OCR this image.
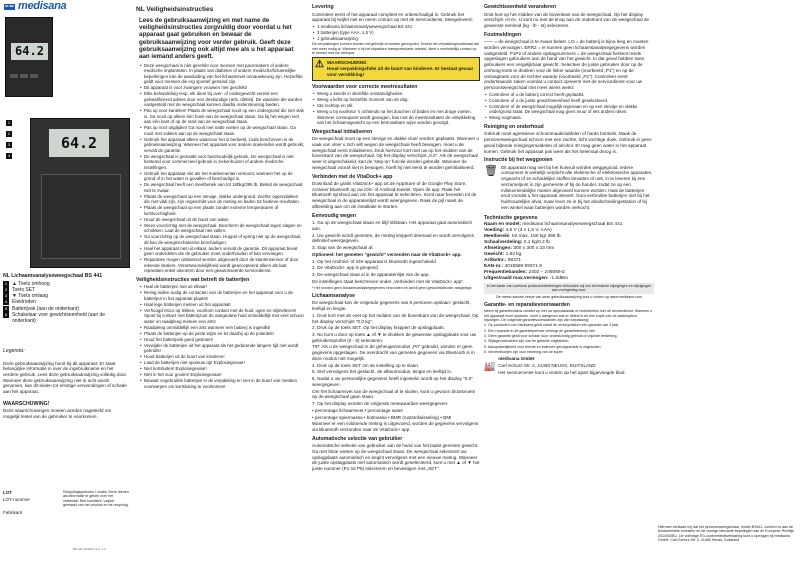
NL/BE medisana
64.2
1
2
3
4
64.2
NL Lichaamsanalyseweegschaal BS 441
1 ▲ Toets omhoog
2 Toets SET
3 ▼ Toets omlaag
4 Elektroden
5 Batterijvak (aan de onderkant)
6 Schakelaar voor gewichtseenheid (aan de onderkant)
Legenda:
Deze gebruiksaanwijzing hoort bij dit apparaat. Er staat belangrijke informatie in over de ingebruikname en het verdere gebruik. Lees deze gebruiksaanwijzing volledig door. Wanneer deze gebruiksaanwijzing niet in acht wordt genomen, kan dit leiden tot ernstige verwondingen of schade aan het apparaat.
WAARSCHUWING!
Deze waarschuwingen moeten worden nageleefd om mogelijk letsel van de gebruiker te voorkomen.
LOT
LOT-nummer
Fabrikant
Recyclingsymbolen / codes: Deze dienen als informatie te geven over het materiaal. Niet kunststof / papier gemaakt van het product en de recycling.
BS 441 08/2021 Ver. 1.0
NL Veiligheidsinstructies
Lees de gebruiksaanwijzing en met name de veiligheidsinstructies zorgvuldig door voordat u het apparaat gaat gebruiken en bewaar de gebruiksaanwijzing voor verder gebruik. Geeft deze gebruiksaanwijzing ook altijd mee als u het apparaat aan iemand anders geeft.
• Deze weegschaal is niet geschikt voor mensen met pacemakers of andere medische implantaten. In plaats van diabetes of andere medische/lichamelijke beperkingen kan de aanduiding van het lichaamsvet onnauwkeurig zijn. Hetzelfde geldt voor mensen die erg sportief getraind zijn.
• Dit apparaat is voor zwangere vrouwen niet geschikt!
• Elke behandeling resp. elk dieet bij over- of ondergewicht vereist een gekwalificeerd advies door een deskundige (arts, diëtist). De waarden die worden vastgesteld met de weegschaal kunnen daarbij ondersteuning bieden.
• Pas op voor kantelen! Plaats de weegschaal nooit op een ondergrond die niet vlak is. Ga nooit op alleen één hoek van de weegschaal staan. Ga bij het wegen niet aan één kant of op de rand van de weegschaal staan.
• Pas op voor uitglijden! Ga nooit met natte voeten op de weegschaal staan. Ga nooit met sokken aan op de weegschaal staan.
• Gebruik het apparaat alleen waarvoor het is bedoeld, zoals beschreven in de gebruiksaanwijzing. Wanneer het apparaat voor andere doeleinden wordt gebruikt, vervalt de garantie.
• De weegschaal is gemaakt voor huishoudelijk gebruik. De weegschaal is niet bestemd voor commercieel gebruik in ziekenhuizen of andere medische instellingen.
• Gebruik het apparaat niet als het mankementen vertoont, wanneer het op de grond of in het water is gevallen of beschadigd is.
• De weegschaal heeft een meetbereik van tot 180kg/396 lb. Belast de weegschaal niet te zwaar.
• Plaats de weegschaal op een stevige, vlakke ondergrond. Zachte oppervlakken die niet vlak zijn, zijn ongeschikt voor de meting en leiden tot foutieve resultaten.
• Plaats de weegschaal op een plaats zonder extreme temperaturen of luchtvochtigheid.
• Houd de weegschaal uit de buurt van water.
• Wees voorzichtig met de weegschaal. Bescherm de weegschaal tegen slagen en schokken. Laat de weegschaal niet vallen.
• Ga voorzichtig op de weegschaal staan. Huppel of spring niet op de weegschaal, dit kan de weegmechanisme beschadigen.
• Haal het apparaat niet uit elkaar, anders vervalt de garantie. Dit apparaat bevat geen onderdelen die de gebruiker moet onderhouden of kan vervangen.
• Reparaties mogen uitsluitend worden uitgevoerd door de klantenservice of door erkende dealers. Verantwoordelijkheid wordt geaccepteerd alleen als laat reparaties enkel uitvoeren door een geautoriseerde servicedienst.
Veiligheidsinstructies wat betreft de batterijen
• Haal de batterijen niet uit elkaar!
• Reinig indien nodig de contacten van de batterijen en het apparaat voor u de batterijen in het apparaat plaatst!
• Haal lege batterijen meteen uit het apparaat!
• Verhoogd risico op lekken, voorkom contact met de huid, ogen en slijmvliezen! Spoel bij contact met batterijzuur de aangedane huid onmiddellijk met veel schoon water en raadpleeg meteen een arts!
• Raadpleeg onmiddellijk een arts wanneer een batterij is ingeslikt!
• Plaats de batterijen op de juiste wijze en let daarbij op de polariteit!
• Houd het batterijvak goed gesloten!
• Verwijder de batterijen uit het apparaat als het gedurende langere tijd niet wordt gebruikt!
• Houd batterijen uit de buurt van kinderen!
• Laad de batterijen niet opnieuw op! Explosiegevaar!
• Niet kortsluiten! Explosiegevaar!
• Niet in het vuur gooien! Explosiegevaar!
• Bewaar ongebruikte batterijen in de verpakking en niet in de buurt van metalen voorwerpen om kortsluiting te voorkomen!
Levering
Controleer eerst of het apparaat compleet en onbeschadigd is. Gebruik het apparaat bij twijfel niet en neem contact op met de servicedienst. Meegeleverd:
• 1 medisana lichaamsanalyseweegschaal BS 441
• 3 batterijen (type AAA, 1,5 V)
• 1 gebruiksaanwijzing
De verpakkingen kunnen worden hergebruikt of worden gerecycled. Scheid het verpakkingsmateriaal dat niet meer nodig is. Wanneer u bij het uitpakken transportschade ontdekt, dient u onmiddellijk contact op te nemen met uw verkoper.
⚠ WAARSCHUWING
Houd verpakkingsfolie uit de buurt van kinderen. Er bestaat gevaar voor verstikking!
Voorwaarden voor correcte meetresultaten
• Weeg u steeds in dezelfde omstandigheden.
• Weeg u liefst op hetzelfde moment van de dag.
• Sta rechtop en stil.
• Weeg u bij voorkeur 's ochtends na het douchen of baden en met droge voeten. Wanneer consequent wordt gewogen, kan met de meetresultaten de ontwikkeling van het lichaamsgewicht op een betrouwbare wijze worden gevolgd.
Weegschaal initialiseren
De weegschaal moet op een stevige en vlakke vloer worden geplaatst. Wanneer u vaak van vloer u zich wilt wegen de weegschaal heeft bewogen, moet u de weegschaal eerst initialiseren. Druk hiervoor kort met uw op het midden van de bovenkant van de weegschaal. Op het display verschijnt „0.0". Als de weegschaal weer is uitgeschakeld, kan de 'step-on' functie worden gebruikt. Wanneer de weegschaal vooraf niet is bewogen, hoeft hij niet eerst te worden geïnitialiseerd.
Verbinden met de VitaDock+ app
Download de gratis VitaDock+ app uit de AppStore of de Google Play Store. Activeer Bluetooth op uw iOS- of Android-toestel. Open de app. Raak het Bluetooth symbool aan om het apparaat te selecteren. Scrol naar beneden tot de weegschaal in de apparatenlijst wordt weergegeven. Raak de pijl naast de afbeelding aan om de installatie te starten.
Eenvoudig wegen
1. Ga op de weegschaal staan en blijf stilstaan. Het apparaat gaat automatisch aan.
2. Uw gewicht wordt gemeten, de meting knippert driemaal en wordt vervolgens definitief weergegeven.
3. Stap van de weegschaal af.
Optioneel: het gemeten "gewicht" verzenden naar de VitaDock+ app.
1. Op het Android- of iOS-apparaat is bluetooth ingeschakeld
2. De VitaDock+ app is geopend
3. De weegschaal staat al in de apparatenlijst van de app.
De instellingen staat beschreven onder „Verbinden met de VitaDock+ app".
* Het worden geen lichaamsanalysegegevens verzonden en wordt geen gewichtsbitcode vastgelegd.
Lichaamsanalyse
De weegschaal kan de volgende gegevens van 8 personen opslaan: geslacht, leeftijd en lengte.
1. Druk kort met de voet op het midden van de bovenkant van de weegschaal. Op het display verschijnt "0.0 kg".
2. Druk op de toets SET. Op het display knippert de opslagplaats.
3. Nu kunt u door op toets ▲ of ▼ te drukken de gewenste opslagplaats voor uw gebruikersprofiel (0 - 8) selecteren.
TIP: Als u de weegschaal in de geheugenmodus „P0" gebruikt, worden er geen gegevens opgeslagen. De overdracht van gemeten gegevens via Bluetooth is in deze modus niet mogelijk.
4. Druk op de toets SET om de instelling op te slaan.
5. Stel vervolgens het geslacht, de afkeurmodus, lengte en leeftijd in.
6. Nadat u uw persoonlijke gegevens heeft ingesteld, wordt op het display "0.0" weergegeven.
Om het lichaamsvet van de weegschaal af te sluiten, kunt u gewoon blootsvoets op de weegschaal gaan staan.
7. Op het display worden de volgende meetwaarden weergegeven:
• percentage lichaamsvet • percentage water
• percentage spiermassa • botmassa • BMR (ruststofwisseling) • BMI
Wanneer er een voldoende meting is uitgevoerd, worden de gegevens vervolgens via Bluetooth verzonden naar de VitaDock+ app.
Automatische selectie van gebruiker
Automatische selectie van gebruiker aan de hand van het laatst gemeten gewicht. Ga met blote voeten op de weegschaal staan. De weegschaal selecteert uw opslagplaats automatisch en begint vervolgens met een nieuwe meting. Wanneer de juiste opslagplaats niet automatisch wordt geselecteerd, kunt u met ▲ of ▼ het juiste nummer (P1 tot P8) selecteren en bevestigen met „SET".
Gewichtseenheid veranderen
Druk kort op het midden van de bovenkant van de weegschaal. Op het display verschijnt «0.0». U kunt nu met de knop aan de onderkant van de weegschaal de gewenste eenheid (kg - lb - st) selecteren.
Foutmeldingen
—— = de weegschaal is te zwaar belast. LO = de batterij is bijna leeg en moeten worden vervangen. ERR2 = er kunnen geen lichaamsanalysegegevens worden vastgesteld. P1P2 of andere opslagnummers = de weegschaal herkent reeds opgeslagen gebruikers aan de hand van het gewicht. In dat geval hebben twee gebruikers een vergelijkbaar gewicht. Selecteer de juiste gebruiker door op de omhoog-toets te drukken voor de linker waarde (voorbeeld „P1") en op de omlaagtoets voor de rechter waarde (voorbeeld „P2"). Controleer eerst onderstaande zaken voordat u contact opneemt met de servicedienst voor uw persoonsweegschaal niet meer wiens werkt:
• Controleer of u de batterij correct heeft geplaatst.
• Controleer of u de juiste gewichtseenheid heeft geselecteerd.
• Controleer of de weegschaal mogelijk tegenaan en op een stevige en vlakke ondergrond staat. De weegschaal mag geen muur of iets anders raken.
• Weeg nogmaals.
Reiniging en onderhoud
Gebruik nooit agressieve schoonmaakmiddelen of harde borstels. Maak de personenweegschaal schoon met een zachte, licht vochtige doek. Gebruik in geen geval bijtende reinigingsmiddelen of alcohol. Er mag geen water in het apparaat komen. Gebruik het apparaat pas weer als het helemaal droog is.
Instructie bij het weggooien
🗑 Dit apparaat mag niet bij het huisvuil worden weggegooid. Iedere consument is wettelijk verplicht alle elektrische of elektronische apparaten, ongeacht of ze schadelijke stoffen bevatten of niet, in te leveren bij een verzamelpunt in zijn gemeente of bij de handel, zodat ze op een milieuvriendelijke manier afgevoerd kunnen worden. Haal de batterijen eruit voordat u het apparaat inlevert. Gooi verbruikte batterijen niet bij het huishoudelijke afval, maar lever ze in bij het afvalscheidingsstation of bij een winkel waar batterijen worden verkocht.
Technische gegevens
Naam en model: medisana lichaamsanalyseweegschaal BS 441
Voeding: 4,5 V (3 x 1,5 V, AAA)
Meetbereik: tot max. 180 kg/ 396 lb
Schaalverdeling: 0,1 kg/0,2 lb
Afmetingen: 300 x 300 x 23 mm
Gewicht: 1,63 kg
Artikelnr.: 99371
EAN-nr.: 4015588 99371 8
Frequentiebanden: 2402 – 2480MHz
Uitgestraald max.vermogen: -1.0dBm
In het kader van continue productverbeteringen behouden wij ons technische wijzigingen en wijzigingen aan vormgeving voor.
De meest actuele versie van deze gebruiksaanwijzing kunt u vinden op www.medisana.com
Garantie- en reparatievoorwaarden
Neem bij garantieclaims contact op met uw speciaalzaak of rechtstreeks met de servicedienst. Wanneer u het apparaat moet opsturen, moet u aangeven wat er defect is en een kopie van de aankoopbon bijvoegen. De volgende garantievoorwaarden zijn van toepassing:
1. Op producten van medisana geldt vanaf de verkoopdatum een garantie van 3 jaar.
2. Een reparatie in de garantieperiode verlengt de garantietermijn niet.
3. Geen garantie geldt voor schade door ondeskundig gebruik of onjuiste bediening.
4. Slijtageonderdelen zijn van de garantie uitgesloten.
5. Aansprakelijkheid voor directe en indirecte gevolgschade is uitgesloten.
6. Verzendkosten zijn voor rekening van de koper.
🏭
medisana GmbH
Carl-Schurz-Str. 2, 41460 NEUSS, DUITSLAND
Het servicecenter kunt u vinden op het apart bijgevoegde blad.
Hiermee verklaart mij dat het personenweegschaal, model BS441, conform is aan de fundamentele vereisten en de overige relevante bepalingen van de Europese Richtlijn 2014/53/EU. De volledige EG-conformiteitsverklaring kunt u opvragen bij medisana GmbH, Carl-Schurz-Str. 2, 41460 Neuss, Duitsland.
